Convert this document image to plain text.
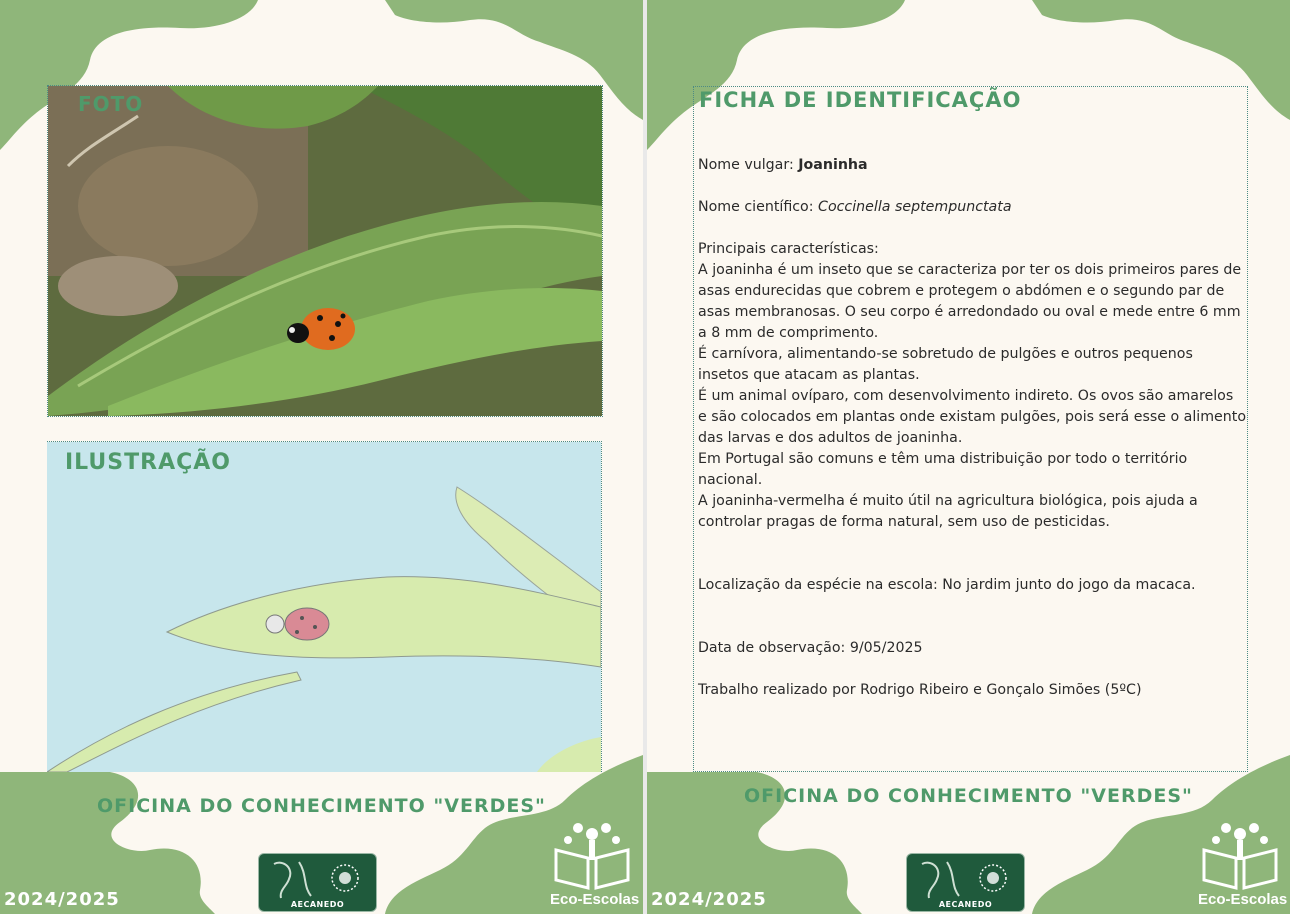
FOTO
ILUSTRAÇÃO
OFICINA DO CONHECIMENTO "VERDES"
2024/2025	AECANEDO	Eco-Escolas
FICHA DE IDENTIFICAÇÃO

Nome vulgar: Joaninha

Nome científico: Coccinella septempunctata

Principais características:

A joaninha é um inseto que se caracteriza por ter os dois primeiros pares de asas endurecidas que cobrem e protegem o abdómen e o segundo par de asas membranosas. O seu corpo é arredondado ou oval e mede entre 6 mm a 8 mm de comprimento.

É carnívora, alimentando-se sobretudo de pulgões e outros pequenos insetos que atacam as plantas.

É um animal ovíparo, com desenvolvimento indireto. Os ovos são amarelos e são colocados em plantas onde existam pulgões, pois será esse o alimento das larvas e dos adultos de joaninha.

Em Portugal são comuns e têm uma distribuição por todo o território nacional.

A joaninha-vermelha é muito útil na agricultura biológica, pois ajuda a controlar pragas de forma natural, sem uso de pesticidas.

Localização da espécie na escola: No jardim junto do jogo da macaca.

Data de observação: 9/05/2025

Trabalho realizado por Rodrigo Ribeiro e Gonçalo Simões (5ºC)

OFICINA DO CONHECIMENTO "VERDES"
2024/2025	AECANEDO	Eco-Escolas
